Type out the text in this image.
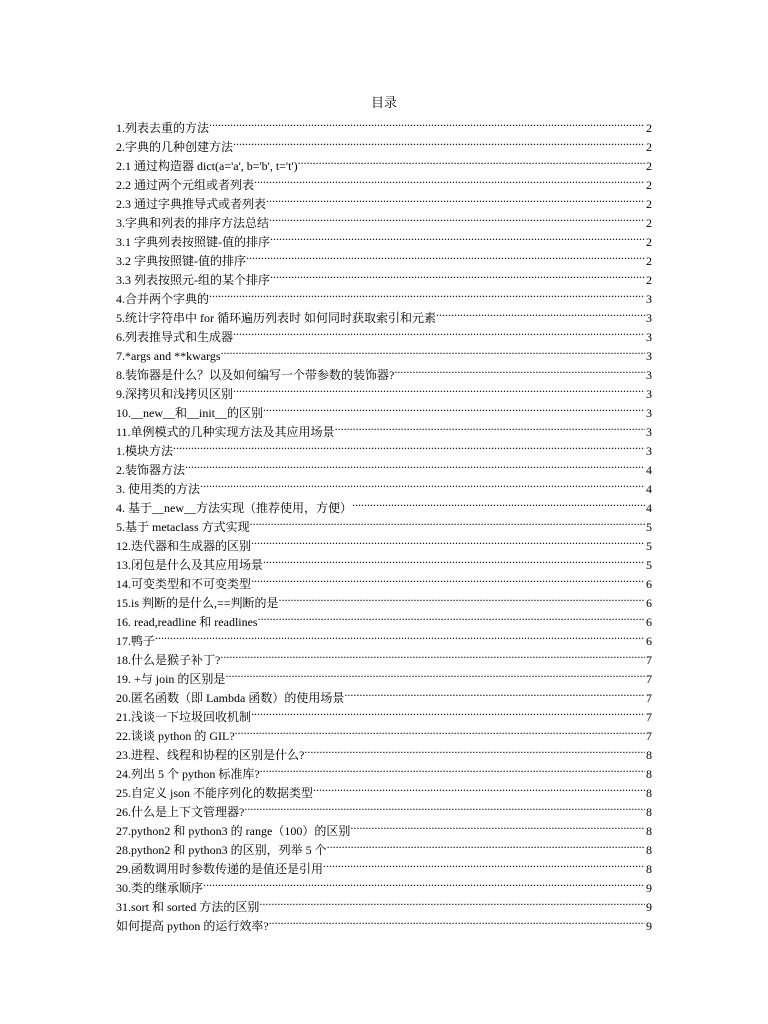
目录
1.列表去重的方法 .....	2
2.字典的几种创建方法 .....	2
2.1 通过构造器 dict(a='a', b='b', t='t') .....	2
2.2 通过两个元组或者列表 .....	2
2.3 通过字典推导式或者列表 .....	2
3.字典和列表的排序方法总结 .....	2
3.1 字典列表按照键-值的排序 .....	2
3.2 字典按照键-值的排序 .....	2
3.3 列表按照元-组的某个排序 .....	2
4.合并两个字典的 .....	3
5.统计字符串中 for 循环遍历列表时 如何同时获取索引和元素 .....	3
6.列表推导式和生成器 .....	3
7.*args and **kwargs .....	3
8.装饰器是什么？以及如何编写一个带参数的装饰器? .....	3
9.深拷贝和浅拷贝区别 .....	3
10.__new__和__init__的区别 .....	3
11.单例模式的几种实现方法及其应用场景 .....	3
1.模块方法 .....	3
2.装饰器方法 .....	4
3. 使用类的方法 .....	4
4. 基于__new__方法实现（推荐使用，方便） .....	4
5.基于 metaclass 方式实现 .....	5
12.迭代器和生成器的区别 .....	5
13.闭包是什么及其应用场景 .....	5
14.可变类型和不可变类型 .....	6
15.is 判断的是什么,==判断的是 .....	6
16. read,readline 和 readlines .....	6
17.鸭子 .....	6
18.什么是猴子补丁? .....	7
19. +与 join 的区别是 .....	7
20.匿名函数（即 Lambda 函数）的使用场景 .....	7
21.浅谈一下垃圾回收机制 .....	7
22.谈谈 python 的 GIL? .....	7
23.进程、线程和协程的区别是什么? .....	8
24.列出 5 个 python 标准库? .....	8
25.自定义 json 不能序列化的数据类型 .....	8
26.什么是上下文管理器? .....	8
27.python2 和 python3 的 range（100）的区别 .....	8
28.python2 和 python3 的区别，列举 5 个 .....	8
29.函数调用时参数传递的是值还是引用 .....	8
30.类的继承顺序 .....	9
31.sort 和 sorted 方法的区别 .....	9
如何提高 python 的运行效率? .....	9
